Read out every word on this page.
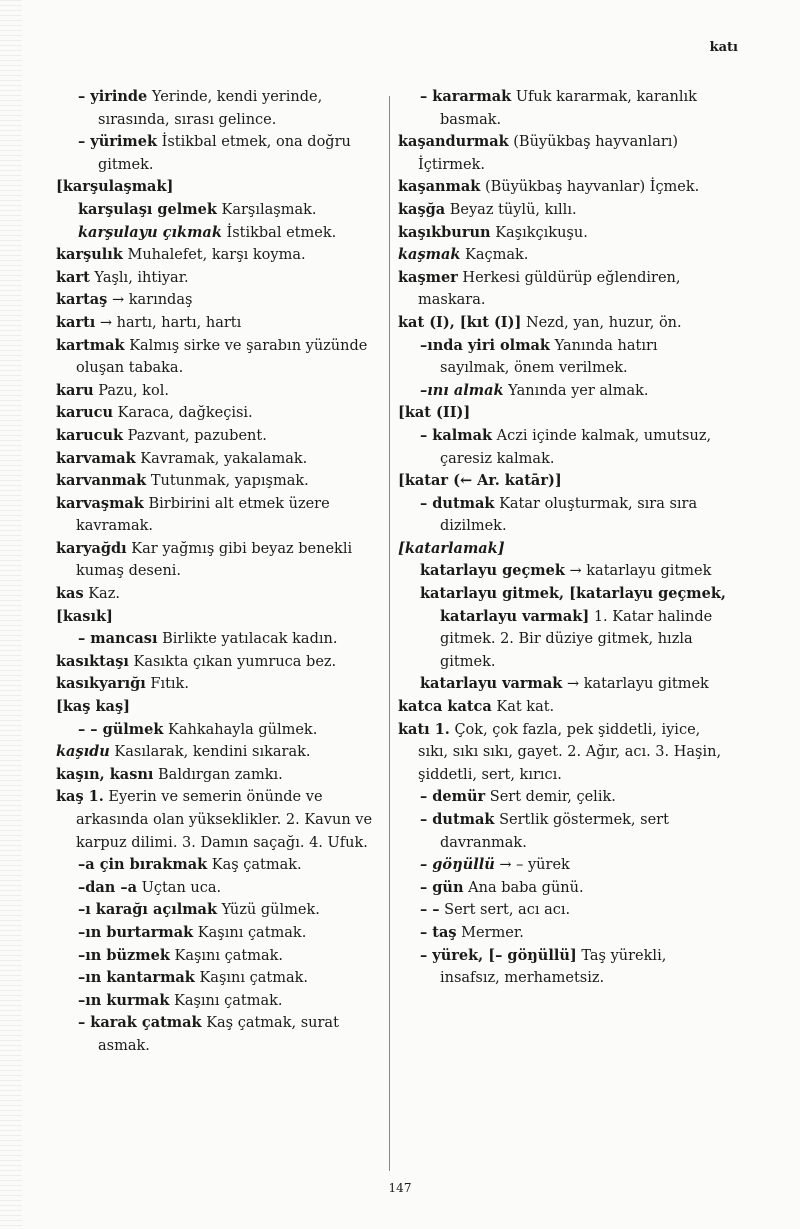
katı
– yirinde Yerinde, kendi yerinde, sırasında, sırası gelince.
– yürimek İstikbal etmek, ona doğru gitmek.
[karşulaşmak]
karşulaşı gelmek Karşılaşmak.
karşulayu çıkmak İstikbal etmek.
karşulık Muhalefet, karşı koyma.
kart Yaşlı, ihtiyar.
kartaş → karındaş
kartı → hartı, hartı, hartı
kartmak Kalmış sirke ve şarabın yüzünde oluşan tabaka.
karu Pazu, kol.
karucu Karaca, dağkeçisi.
karucuk Pazvant, pazubent.
karvamak Kavramak, yakalamak.
karvanmak Tutunmak, yapışmak.
karvaşmak Birbirini alt etmek üzere kavramak.
karyağdı Kar yağmış gibi beyaz benekli kumaş deseni.
kas Kaz.
[kasık]
– mancası Birlikte yatılacak kadın.
kasıktaşı Kasıkta çıkan yumruca bez.
kasıkyarığı Fıtık.
[kaş kaş]
– – gülmek Kahkahayla gülmek.
kaşıdu Kasılarak, kendini sıkarak.
kaşın, kasnı Baldırgan zamkı.
kaş 1. Eyerin ve semerin önünde ve arkasında olan yükseklikler. 2. Kavun ve karpuz dilimi. 3. Damın saçağı. 4. Ufuk.
–a çin bırakmak Kaş çatmak.
–dan –a Uçtan uca.
–ı karağı açılmak Yüzü gülmek.
–ın burtarmak Kaşını çatmak.
–ın büzmek Kaşını çatmak.
–ın kantarmak Kaşını çatmak.
–ın kurmak Kaşını çatmak.
– karak çatmak Kaş çatmak, surat asmak.
– kararmak Ufuk kararmak, karanlık basmak.
kaşandurmak (Büyükbaş hayvanları) İçtirmek.
kaşanmak (Büyükbaş hayvanlar) İçmek.
kaşğa Beyaz tüylü, kıllı.
kaşıkburun Kaşıkçıkuşu.
kaşmak Kaçmak.
kaşmer Herkesi güldürüp eğlendiren, maskara.
kat (I), [kıt (I)] Nezd, yan, huzur, ön.
–ında yiri olmak Yanında hatırı sayılmak, önem verilmek.
–ını almak Yanında yer almak.
[kat (II)]
– kalmak Aczi içinde kalmak, umutsuz, çaresiz kalmak.
[katar (← Ar. katār)]
– dutmak Katar oluşturmak, sıra sıra dizilmek.
[katarlamak]
katarlayu geçmek → katarlayu gitmek
katarlayu gitmek, [katarlayu geçmek, katarlayu varmak] 1. Katar halinde gitmek. 2. Bir düziye gitmek, hızla gitmek.
katarlayu varmak → katarlayu gitmek
katca katca Kat kat.
katı 1. Çok, çok fazla, pek şiddetli, iyice, sıkı, sıkı sıkı, gayet. 2. Ağır, acı. 3. Haşin, şiddetli, sert, kırıcı.
– demür Sert demir, çelik.
– dutmak Sertlik göstermek, sert davranmak.
– göŋüllü → – yürek
– gün Ana baba günü.
– – Sert sert, acı acı.
– taş Mermer.
– yürek, [– göŋüllü] Taş yürekli, insafsız, merhametsiz.
147
